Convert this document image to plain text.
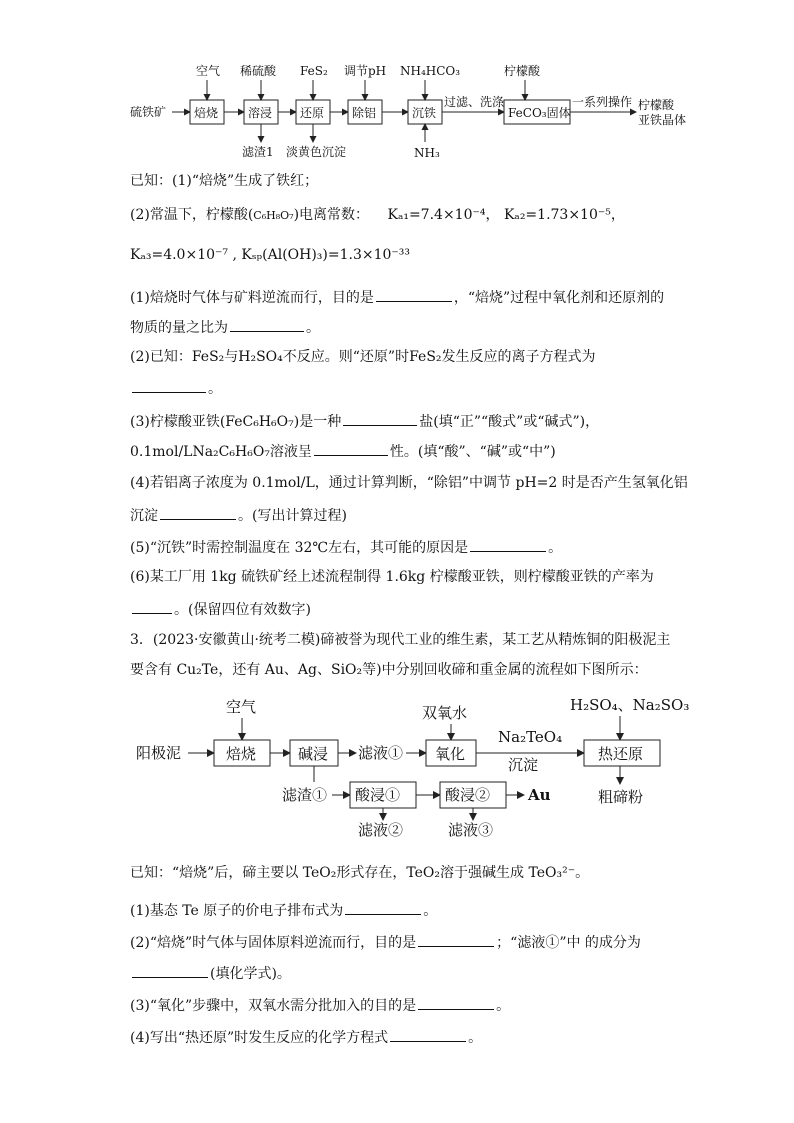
硫铁矿 焙烧 溶浸 还原 除铝	沉铁
过滤、洗涤
FeCO₃固体
一系列操作 柠檬酸
亚铁晶体
空气 稀硫酸 FeS₂ 调节pH NH₄HCO₃	柠檬酸
滤渣1 淡黄色沉淀	NH₃
已知：(1)“焙烧”生成了铁红；
(2)常温下，柠檬酸(C₆H₈O₇)电离常数： Kₐ₁=7.4×10⁻⁴， Kₐ₂=1.73×10⁻⁵，
Kₐ₃=4.0×10⁻⁷ , Kₛₚ(Al(OH)₃)=1.3×10⁻³³
(1)焙烧时气体与矿料逆流而行，目的是	，“焙烧”过程中氧化剂和还原剂的
物质的量之比为	。
(2)已知：FeS₂与H₂SO₄不反应。则“还原”时FeS₂发生反应的离子方程式为
。
(3)柠檬酸亚铁(FeC₆H₆O₇)是一种	盐(填“正”“酸式”或“碱式”)，
0.1mol/LNa₂C₆H₆O₇溶液呈	性。(填“酸”、“碱”或“中”)
(4)若铝离子浓度为 0.1mol/L，通过计算判断，“除铝”中调节 pH=2 时是否产生氢氧化铝
沉淀	。(写出计算过程)
(5)“沉铁”时需控制温度在 32℃左右，其可能的原因是	。
(6)某工厂用 1kg 硫铁矿经上述流程制得 1.6kg 柠檬酸亚铁，则柠檬酸亚铁的产率为
。(保留四位有效数字)
3．(2023·安徽黄山·统考二模)碲被誉为现代工业的维生素，某工艺从精炼铜的阳极泥主
要含有 Cu₂Te，还有 Au、Ag、SiO₂等)中分别回收碲和重金属的流程如下图所示：
阳极泥
空气
焙烧	碱浸 滤液①
双氧水
氧化
Na₂TeO₄
沉淀
H₂SO₄、Na₂SO₃
热还原
粗碲粉
滤渣① 酸浸①
滤液②
酸浸②	Au
滤液③
已知：“焙烧”后，碲主要以 TeO₂形式存在，TeO₂溶于强碱生成 TeO₃²⁻。
(1)基态 Te 原子的价电子排布式为	。
(2)“焙烧”时气体与固体原料逆流而行，目的是	；“滤液①”中 的成分为
(填化学式)。
(3)“氧化”步骤中，双氧水需分批加入的目的是	。
(4)写出“热还原”时发生反应的化学方程式	。
